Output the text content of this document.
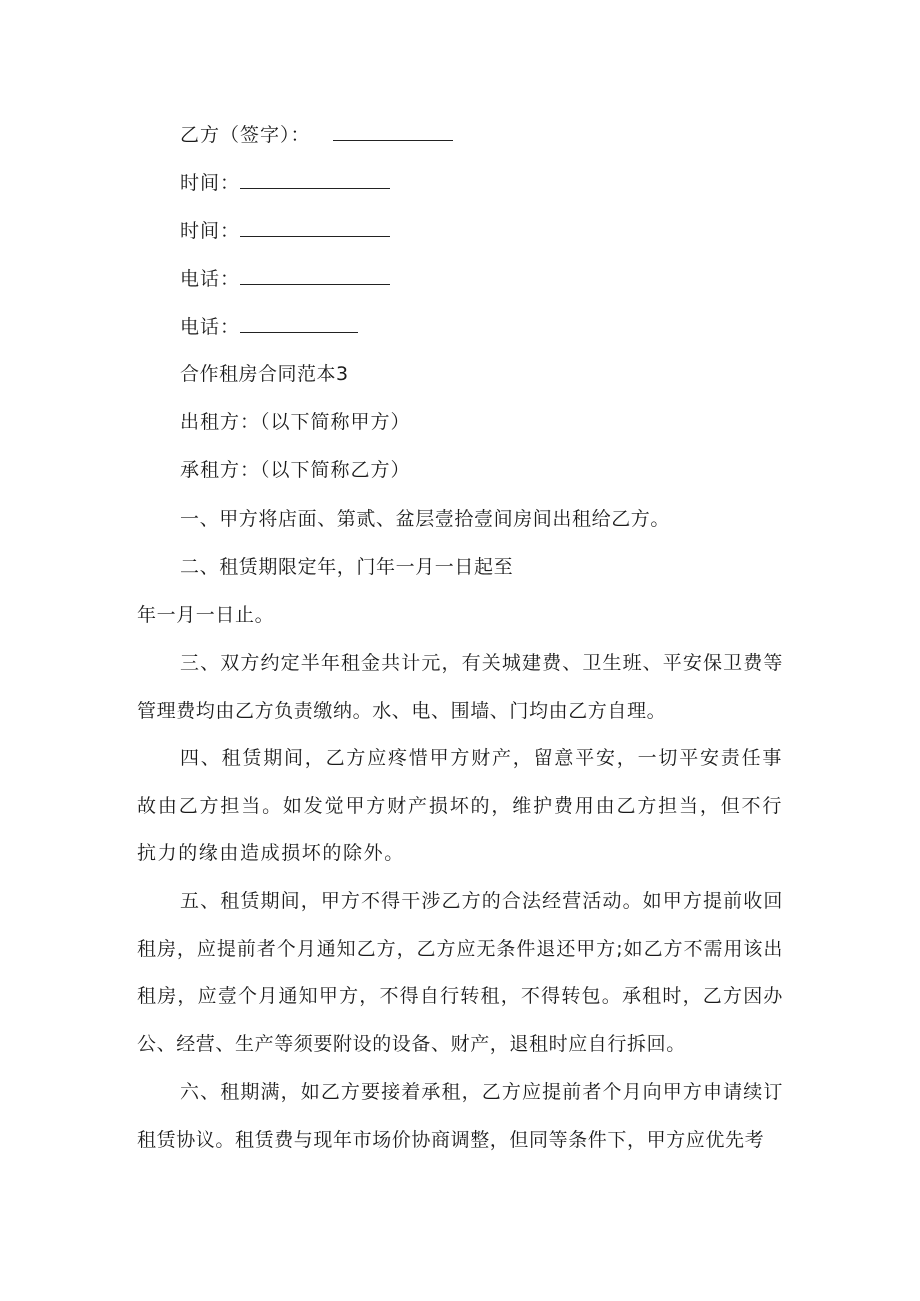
乙方（签字）：
时间：
时间：
电话：
电话：
合作租房合同范本3
出租方：（以下简称甲方）
承租方：（以下简称乙方）

一、甲方将店面、第贰、盆层壹拾壹间房间出租给乙方。

二、租赁期限定年，门年一月一日起至

年一月一日止。

三、双方约定半年租金共计元，有关城建费、卫生班、平安保卫费等管理费均由乙方负责缴纳。水、电、围墙、门均由乙方自理。

四、租赁期间，乙方应疼惜甲方财产，留意平安，一切平安责任事故由乙方担当。如发觉甲方财产损坏的，维护费用由乙方担当，但不行抗力的缘由造成损坏的除外。

五、租赁期间，甲方不得干涉乙方的合法经营活动。如甲方提前收回租房，应提前者个月通知乙方，乙方应无条件退还甲方;如乙方不需用该出租房，应壹个月通知甲方，不得自行转租，不得转包。承租时，乙方因办公、经营、生产等须要附设的设备、财产，退租时应自行拆回。

六、租期满，如乙方要接着承租，乙方应提前者个月向甲方申请续订租赁协议。租赁费与现年市场价协商调整，但同等条件下，甲方应优先考
